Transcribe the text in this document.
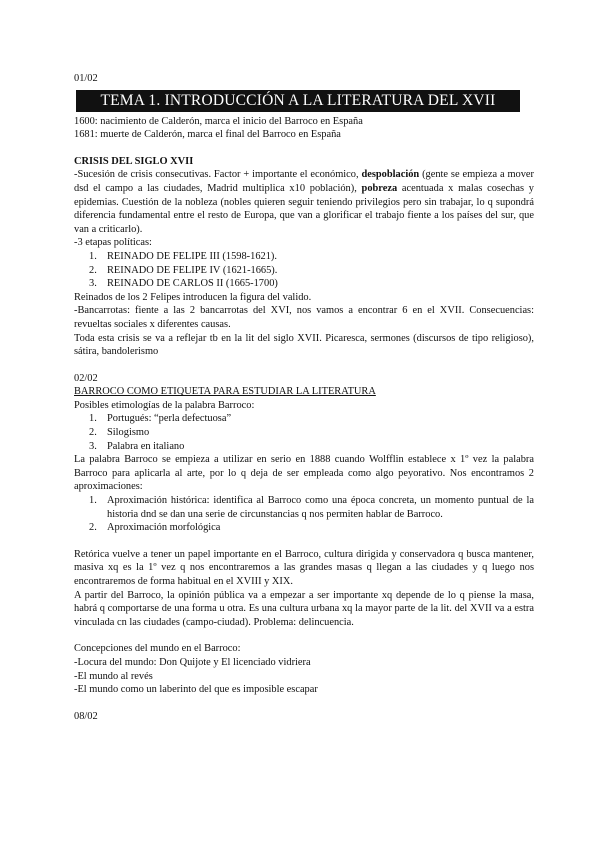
01/02

TEMA 1. INTRODUCCIÓN A LA LITERATURA DEL XVII

1600: nacimiento de Calderón, marca el inicio del Barroco en España

1681: muerte de Calderón, marca el final del Barroco en España

CRISIS DEL SIGLO XVII

-Sucesión de crisis consecutivas. Factor + importante el económico, despoblación (gente se empieza a mover dsd el campo a las ciudades, Madrid multiplica x10 población), pobreza acentuada x malas cosechas y epidemias. Cuestión de la nobleza (nobles quieren seguir teniendo privilegios pero sin trabajar, lo q supondrá diferencia fundamental entre el resto de Europa, que van a glorificar el trabajo fiente a los países del sur, que van a criticarlo).

-3 etapas políticas:

1. REINADO DE FELIPE III (1598-1621).
2. REINADO DE FELIPE IV (1621-1665).
3. REINADO DE CARLOS II (1665-1700)

Reinados de los 2 Felipes introducen la figura del valido.

-Bancarrotas: fiente a las 2 bancarrotas del XVI, nos vamos a encontrar 6 en el XVII. Consecuencias: revueltas sociales x diferentes causas.

Toda esta crisis se va a reflejar tb en la lit del siglo XVII. Picaresca, sermones (discursos de tipo religioso), sátira, bandolerismo

02/02

BARROCO COMO ETIQUETA PARA ESTUDIAR LA LITERATURA

Posibles etimologías de la palabra Barroco:

1. Portugués: “perla defectuosa”
2. Silogismo
3. Palabra en italiano

La palabra Barroco se empieza a utilizar en serio en 1888 cuando Wolfflin establece x 1º vez la palabra Barroco para aplicarla al arte, por lo q deja de ser empleada como algo peyorativo. Nos encontramos 2 aproximaciones:

1. Aproximación histórica: identifica al Barroco como una época concreta, un momento puntual de la historia dnd se dan una serie de circunstancias q nos permiten hablar de Barroco.
2. Aproximación morfológica

Retórica vuelve a tener un papel importante en el Barroco, cultura dirigida y conservadora q busca mantener, masiva xq es la 1º vez q nos encontraremos a las grandes masas q llegan a las ciudades y q luego nos encontraremos de forma habitual en el XVIII y XIX.

A partir del Barroco, la opinión pública va a empezar a ser importante xq depende de lo q piense la masa, habrá q comportarse de una forma u otra. Es una cultura urbana xq la mayor parte de la lit. del XVII va a estra vinculada cn las ciudades (campo-ciudad). Problema: delincuencia.

Concepciones del mundo en el Barroco:

-Locura del mundo: Don Quijote y El licenciado vidriera

-El mundo al revés

-El mundo como un laberinto del que es imposible escapar

08/02
